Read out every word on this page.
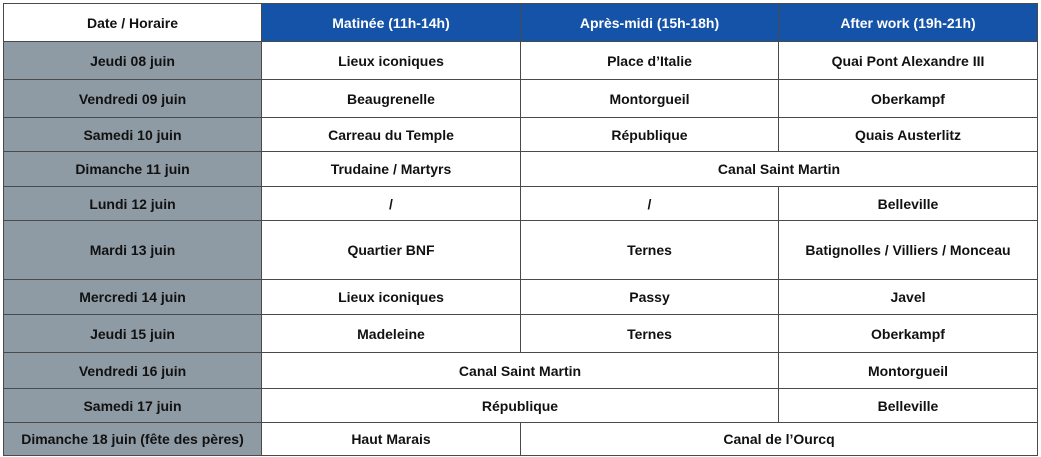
Date / Horaire	Matinée (11h-14h)	Après-midi (15h-18h)	After work (19h-21h)
Jeudi 08 juin	Lieux iconiques	Place d’Italie	Quai Pont Alexandre III
Vendredi 09 juin	Beaugrenelle	Montorgueil	Oberkampf
Samedi 10 juin	Carreau du Temple	République	Quais Austerlitz
Dimanche 11 juin	Trudaine / Martyrs	Canal Saint Martin	
Lundi 12 juin	/	/	Belleville
Mardi 13 juin	Quartier BNF	Ternes	Batignolles / Villiers / Monceau
Mercredi 14 juin	Lieux iconiques	Passy	Javel
Jeudi 15 juin	Madeleine	Ternes	Oberkampf
Vendredi 16 juin	Canal Saint Martin		Montorgueil
Samedi 17 juin	République		Belleville
Dimanche 18 juin (fête des pères)	Haut Marais	Canal de l’Ourcq	
